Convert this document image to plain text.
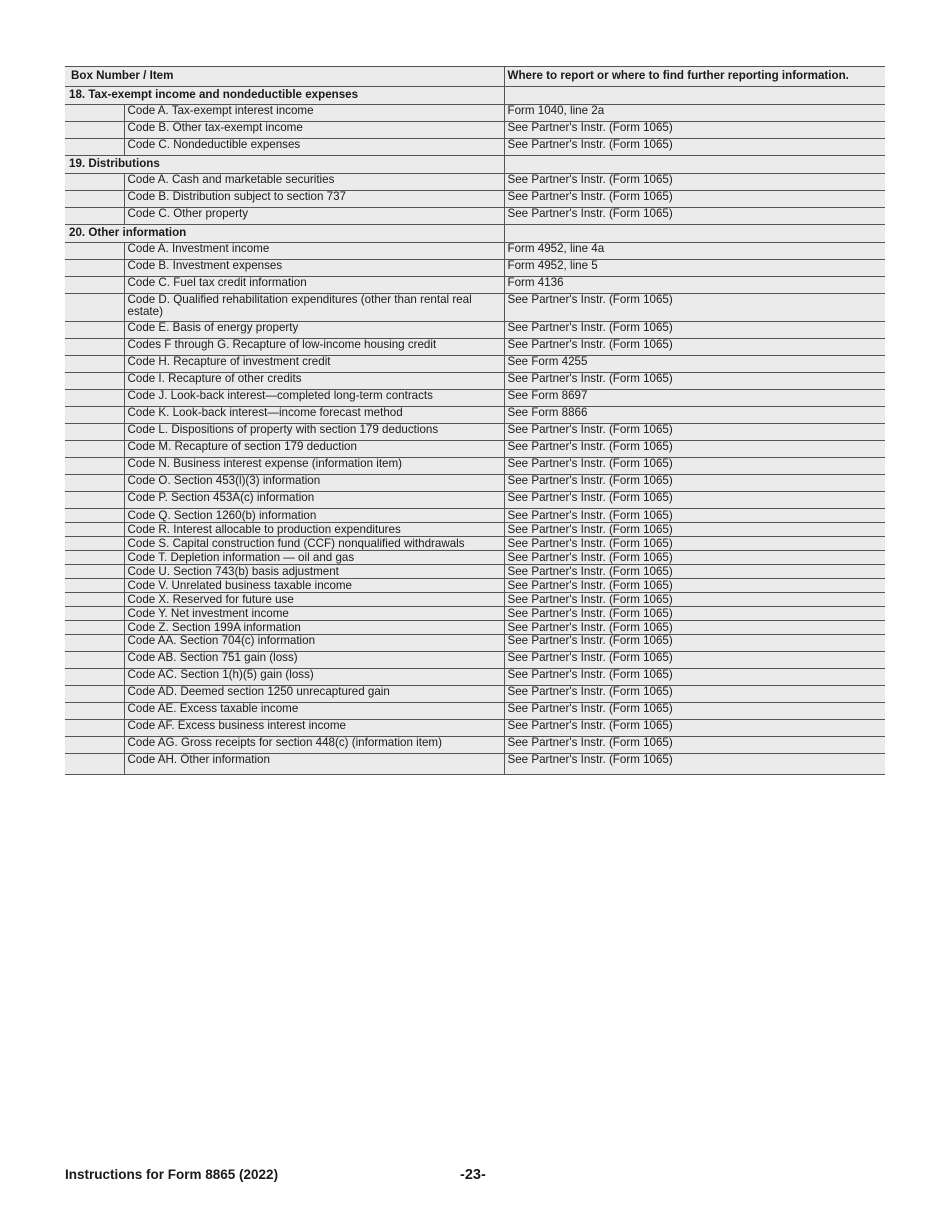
Box Number / Item		Where to report or where to find further reporting information.
18. Tax-exempt income and nondeductible expenses		
	Code A. Tax-exempt interest income	Form 1040, line 2a
	Code B. Other tax-exempt income	See Partner's Instr. (Form 1065)
	Code C. Nondeductible expenses	See Partner's Instr. (Form 1065)
19. Distributions		
	Code A. Cash and marketable securities	See Partner's Instr. (Form 1065)
	Code B. Distribution subject to section 737	See Partner's Instr. (Form 1065)
	Code C. Other property	See Partner's Instr. (Form 1065)
20. Other information		
	Code A. Investment income	Form 4952, line 4a
	Code B. Investment expenses	Form 4952, line 5
	Code C. Fuel tax credit information	Form 4136
	Code D. Qualified rehabilitation expenditures (other than rental real estate)	See Partner's Instr. (Form 1065)
	Code E. Basis of energy property	See Partner's Instr. (Form 1065)
	Codes F through G. Recapture of low-income housing credit	See Partner's Instr. (Form 1065)
	Code H. Recapture of investment credit	See Form 4255
	Code I. Recapture of other credits	See Partner's Instr. (Form 1065)
	Code J. Look-back interest—completed long-term contracts	See Form 8697
	Code K. Look-back interest—income forecast method	See Form 8866
	Code L. Dispositions of property with section 179 deductions	See Partner's Instr. (Form 1065)
	Code M. Recapture of section 179 deduction	See Partner's Instr. (Form 1065)
	Code N. Business interest expense (information item)	See Partner's Instr. (Form 1065)
	Code O. Section 453(l)(3) information	See Partner's Instr. (Form 1065)
	Code P. Section 453A(c) information	See Partner's Instr. (Form 1065)
	Code Q. Section 1260(b) information	See Partner's Instr. (Form 1065)
	Code R. Interest allocable to production expenditures	See Partner's Instr. (Form 1065)
	Code S. Capital construction fund (CCF) nonqualified withdrawals	See Partner's Instr. (Form 1065)
	Code T. Depletion information — oil and gas	See Partner's Instr. (Form 1065)
	Code U. Section 743(b) basis adjustment	See Partner's Instr. (Form 1065)
	Code V. Unrelated business taxable income	See Partner's Instr. (Form 1065)
	Code X. Reserved for future use	See Partner's Instr. (Form 1065)
	Code Y. Net investment income	See Partner's Instr. (Form 1065)
	Code Z. Section 199A information	See Partner's Instr. (Form 1065)
	Code AA. Section 704(c) information	See Partner's Instr. (Form 1065)
	Code AB. Section 751 gain (loss)	See Partner's Instr. (Form 1065)
	Code AC. Section 1(h)(5) gain (loss)	See Partner's Instr. (Form 1065)
	Code AD. Deemed section 1250 unrecaptured gain	See Partner's Instr. (Form 1065)
	Code AE. Excess taxable income	See Partner's Instr. (Form 1065)
	Code AF. Excess business interest income	See Partner's Instr. (Form 1065)
	Code AG. Gross receipts for section 448(c) (information item)	See Partner's Instr. (Form 1065)
	Code AH. Other information	See Partner's Instr. (Form 1065)
Instructions for Form 8865 (2022)	-23-
